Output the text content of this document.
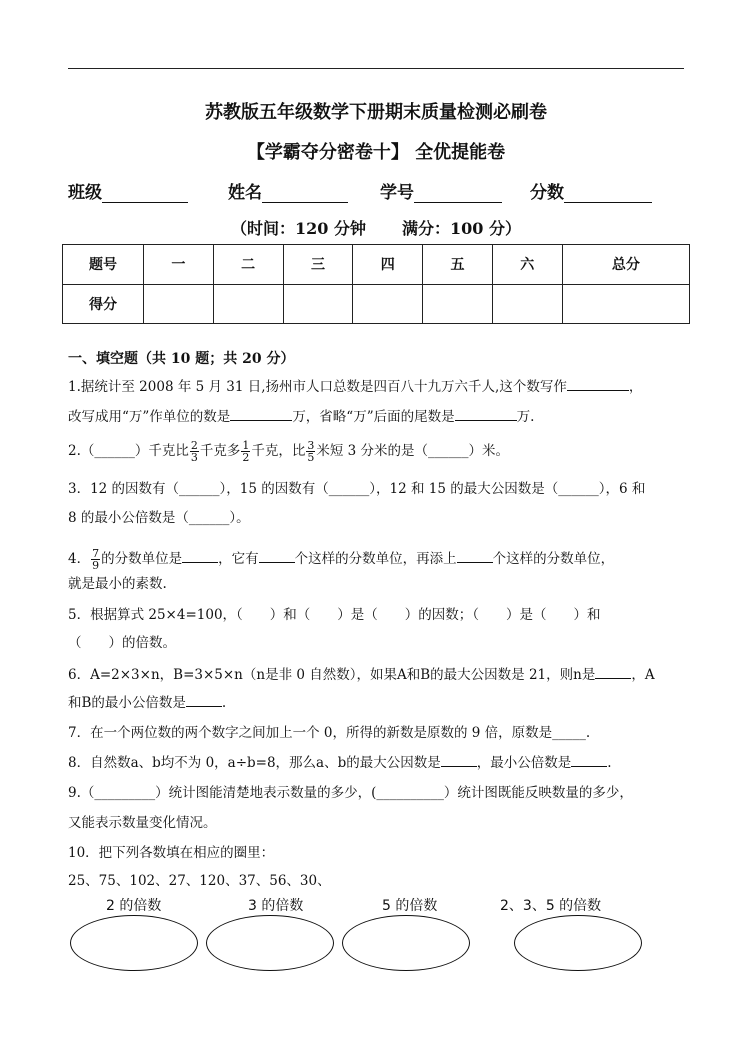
苏教版五年级数学下册期末质量检测必刷卷
【学霸夺分密卷十】 全优提能卷
班级	姓名	学号	分数
（时间：120 分钟 满分：100 分）
题号	一	二	三	四	五	六	总分
得分							
一、填空题（共 10 题；共 20 分）
1.据统计至 2008 年 5 月 31 日,扬州市人口总数是四百八十九万六千人,这个数写作	，
改写成用“万”作单位的数是	万，省略“万”后面的尾数是	万.
2.（______）千克比 $\frac{2}{3}$ 千克多 $\frac{1}{2}$ 千克，比 $\frac{3}{5}$ 米短 3 分米的是（______）米。
3．12 的因数有（______），15 的因数有（______），12 和 15 的最大公因数是（______），6 和
8 的最小公倍数是（______）。
4． $\frac{7}{9}$ 的分数单位是	，它有	个这样的分数单位，再添上	个这样的分数单位，
就是最小的素数.
5．根据算式 25×4=100，（　　）和（　　）是（　　）的因数；（　　）是（　　）和
（　　）的倍数。
6．A=2×3×n，B=3×5×n（n是非 0 自然数），如果A和B的最大公因数是 21，则n是	，A
和B的最小公倍数是	.
7．在一个两位数的两个数字之间加上一个 0，所得的新数是原数的 9 倍，原数是_____.
8．自然数a、b均不为 0，a÷b=8，那么a、b的最大公因数是	，最小公倍数是	.
9.（_________）统计图能清楚地表示数量的多少，(__________）统计图既能反映数量的多少，
又能表示数量变化情况。
10．把下列各数填在相应的圈里：
25、75、102、27、120、37、56、30、
2 的倍数	3 的倍数	5 的倍数	2、3、5 的倍数
